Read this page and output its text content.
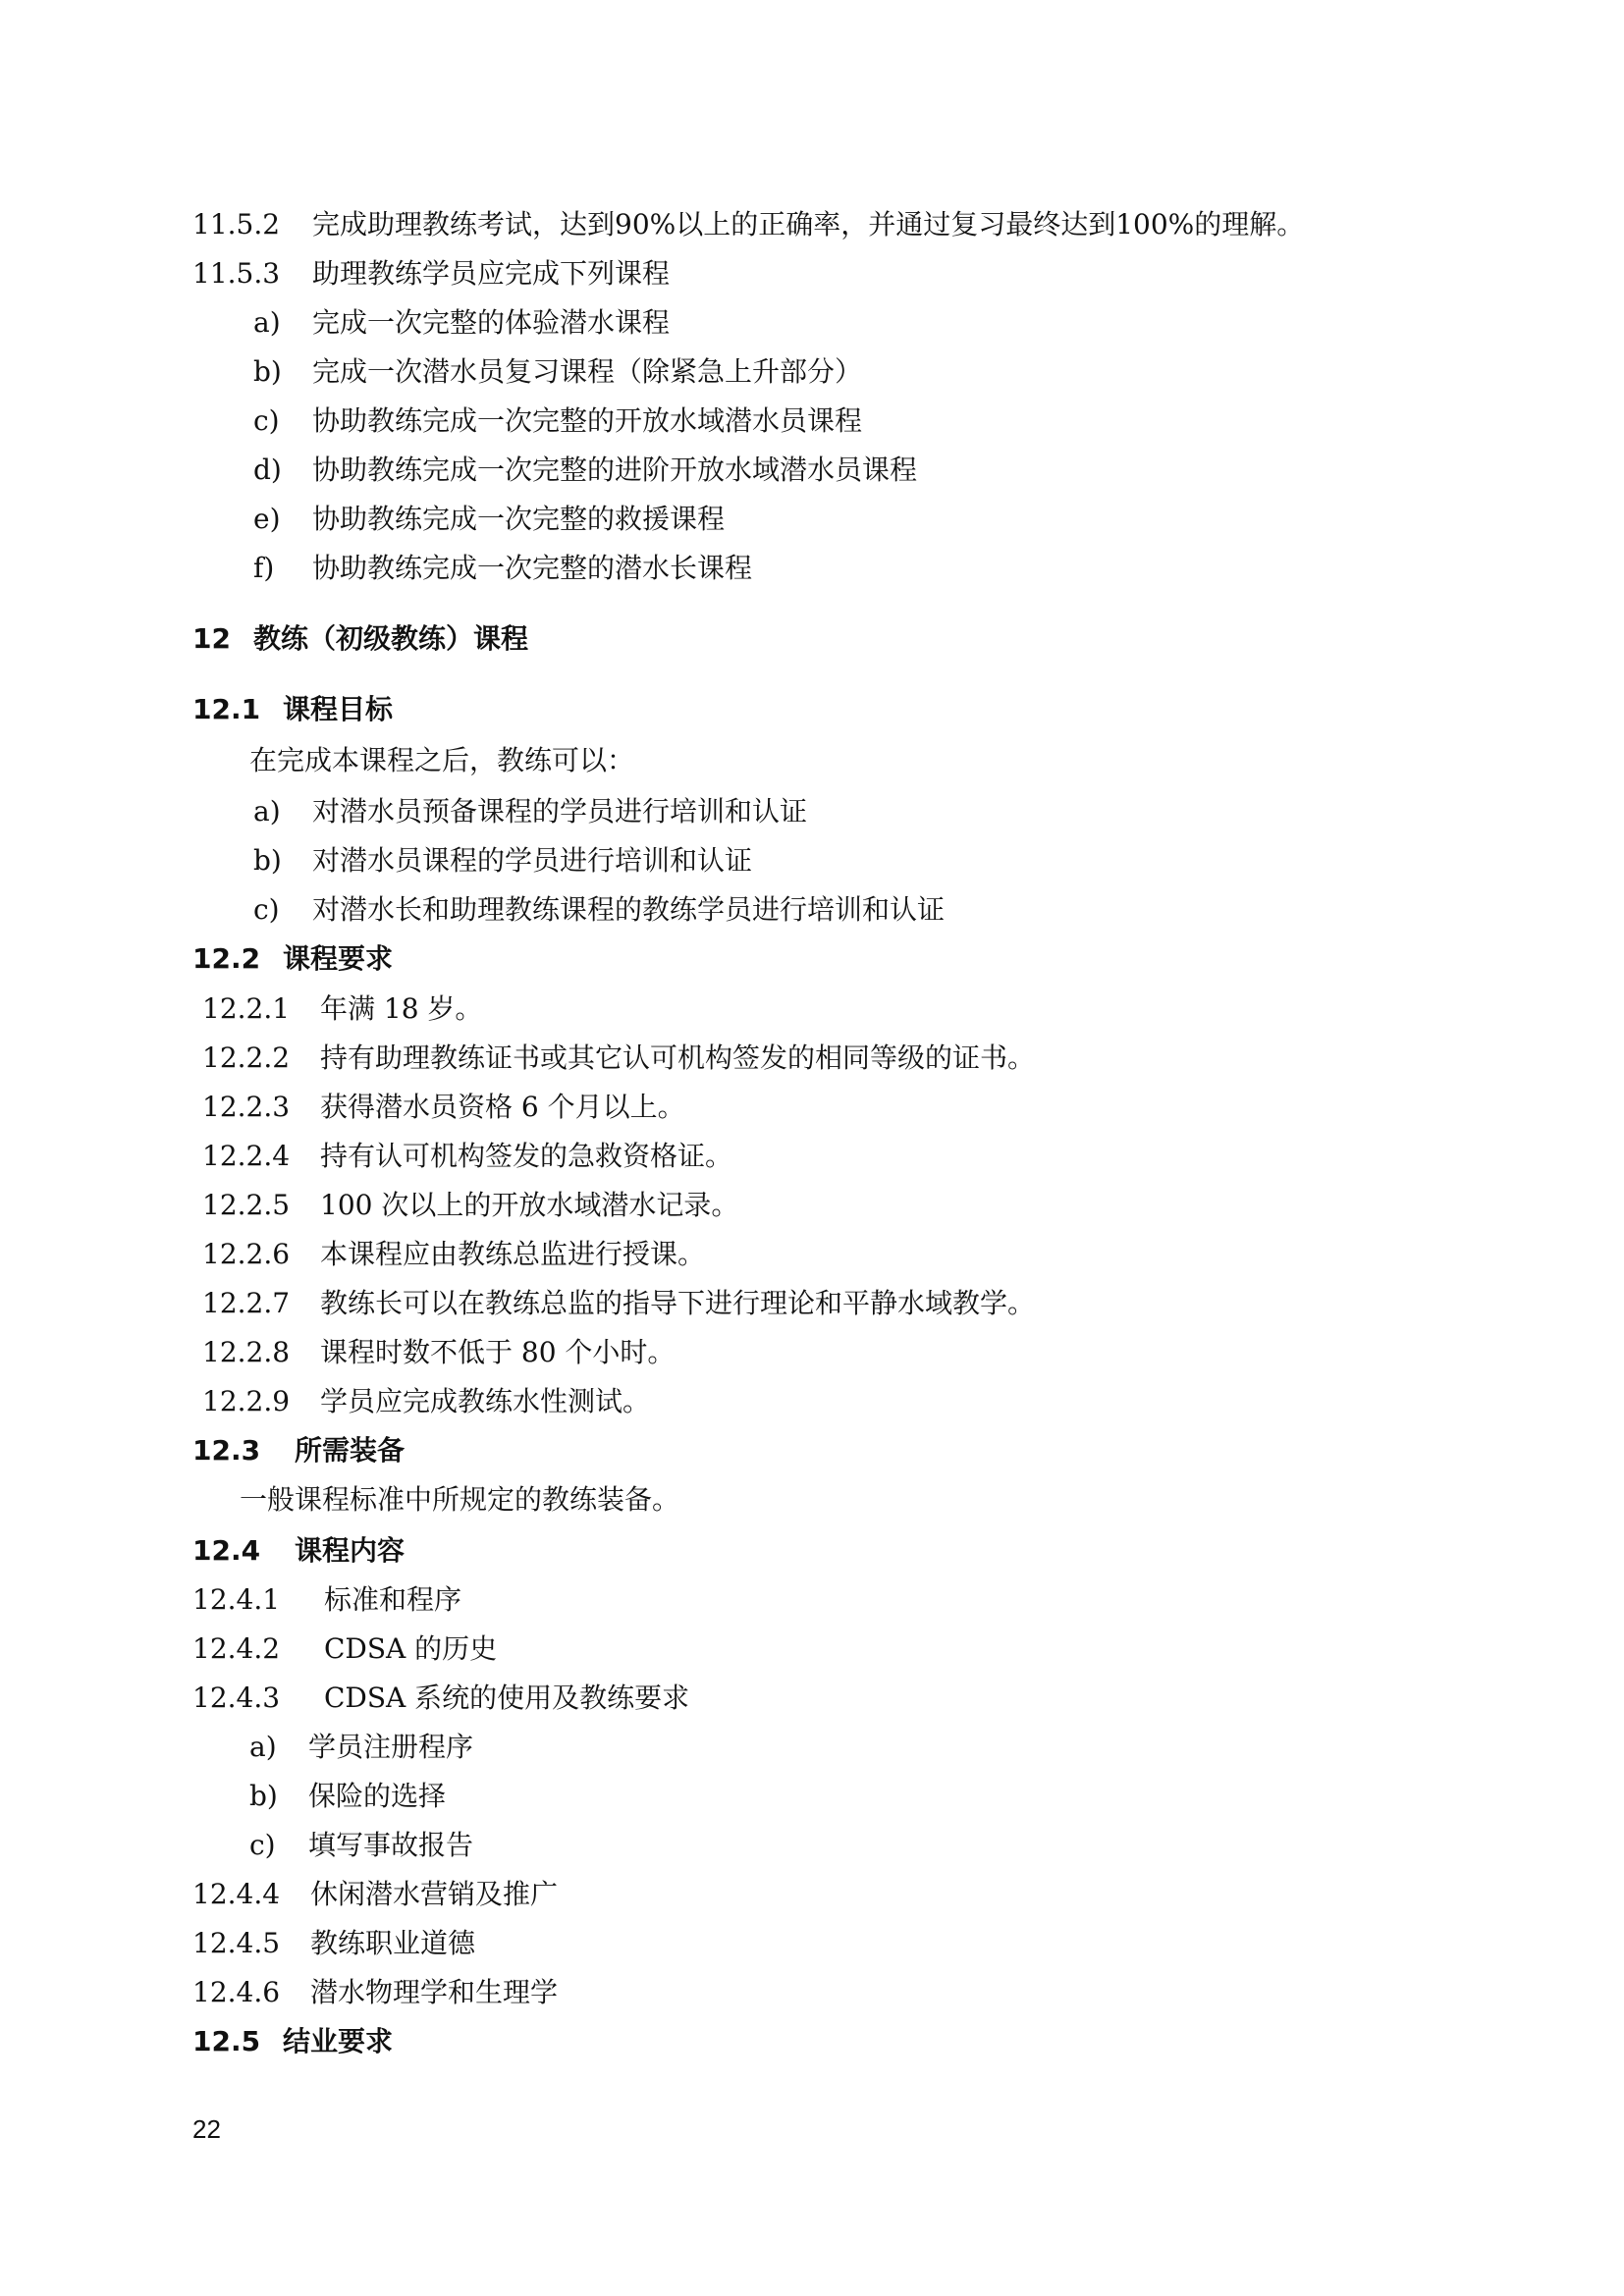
11.5.2 完成助理教练考试，达到90%以上的正确率，并通过复习最终达到100%的理解。
11.5.3 助理教练学员应完成下列课程
a) 完成一次完整的体验潜水课程
b) 完成一次潜水员复习课程（除紧急上升部分）
c) 协助教练完成一次完整的开放水域潜水员课程
d) 协助教练完成一次完整的进阶开放水域潜水员课程
e) 协助教练完成一次完整的救援课程
f) 协助教练完成一次完整的潜水长课程
12 教练（初级教练）课程
12.1 课程目标
在完成本课程之后，教练可以：
a) 对潜水员预备课程的学员进行培训和认证
b) 对潜水员课程的学员进行培训和认证
c) 对潜水长和助理教练课程的教练学员进行培训和认证
12.2 课程要求
12.2.1 年满 18 岁。
12.2.2 持有助理教练证书或其它认可机构签发的相同等级的证书。
12.2.3 获得潜水员资格 6 个月以上。
12.2.4 持有认可机构签发的急救资格证。
12.2.5 100 次以上的开放水域潜水记录。
12.2.6 本课程应由教练总监进行授课。
12.2.7 教练长可以在教练总监的指导下进行理论和平静水域教学。
12.2.8 课程时数不低于 80 个小时。
12.2.9 学员应完成教练水性测试。
12.3 所需装备
一般课程标准中所规定的教练装备。
12.4 课程内容
12.4.1 标准和程序
12.4.2 CDSA 的历史
12.4.3 CDSA 系统的使用及教练要求
a) 学员注册程序
b) 保险的选择
c) 填写事故报告
12.4.4 休闲潜水营销及推广
12.4.5 教练职业道德
12.4.6 潜水物理学和生理学
12.5 结业要求
22
